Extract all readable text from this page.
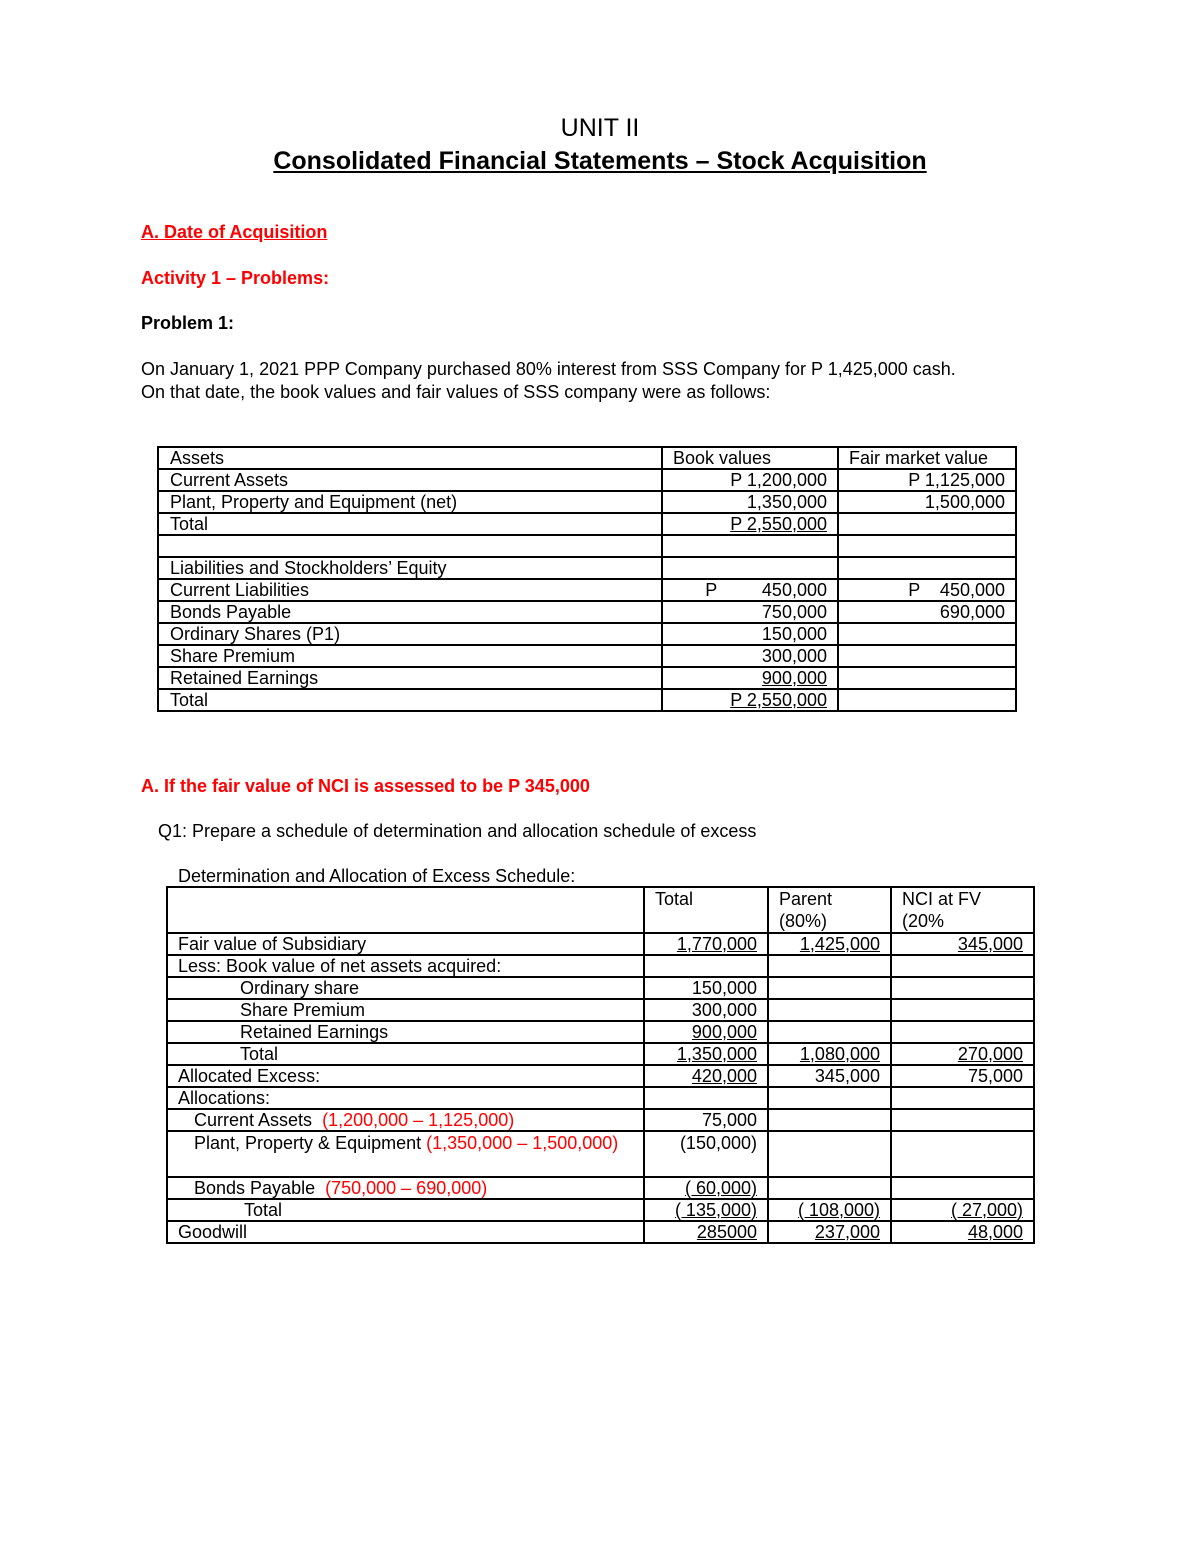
UNIT II
Consolidated Financial Statements – Stock Acquisition
A. Date of Acquisition
Activity 1 – Problems:
Problem 1:
On January 1, 2021 PPP Company purchased 80% interest from SSS Company for P 1,425,000 cash.
On that date, the book values and fair values of SSS company were as follows:
Assets	Book values	Fair market value
Current Assets	P 1,200,000	P 1,125,000
Plant, Property and Equipment (net)	1,350,000	1,500,000
Total	P 2,550,000	

Liabilities and Stockholders’ Equity		
Current Liabilities	P         450,000	P    450,000
Bonds Payable	750,000	690,000
Ordinary Shares (P1)	150,000	
Share Premium	300,000	
Retained Earnings	900,000	
Total	P 2,550,000	
A. If the fair value of NCI is assessed to be P 345,000
Q1: Prepare a schedule of determination and allocation schedule of excess
Determination and Allocation of Excess Schedule:
	Total	Parent (80%)	NCI at FV (20%
Fair value of Subsidiary	1,770,000	1,425,000	345,000
Less: Book value of net assets acquired:			
Ordinary share	150,000		
Share Premium	300,000		
Retained Earnings	900,000		
Total	1,350,000	1,080,000	270,000
Allocated Excess:	420,000	345,000	75,000
Allocations:			
Current Assets (1,200,000 – 1,125,000)	75,000		
Plant, Property & Equipment (1,350,000 – 1,500,000)	(150,000)		
Bonds Payable (750,000 – 690,000)	( 60,000)		
Total	( 135,000)	( 108,000)	( 27,000)
Goodwill	285000	237,000	48,000
